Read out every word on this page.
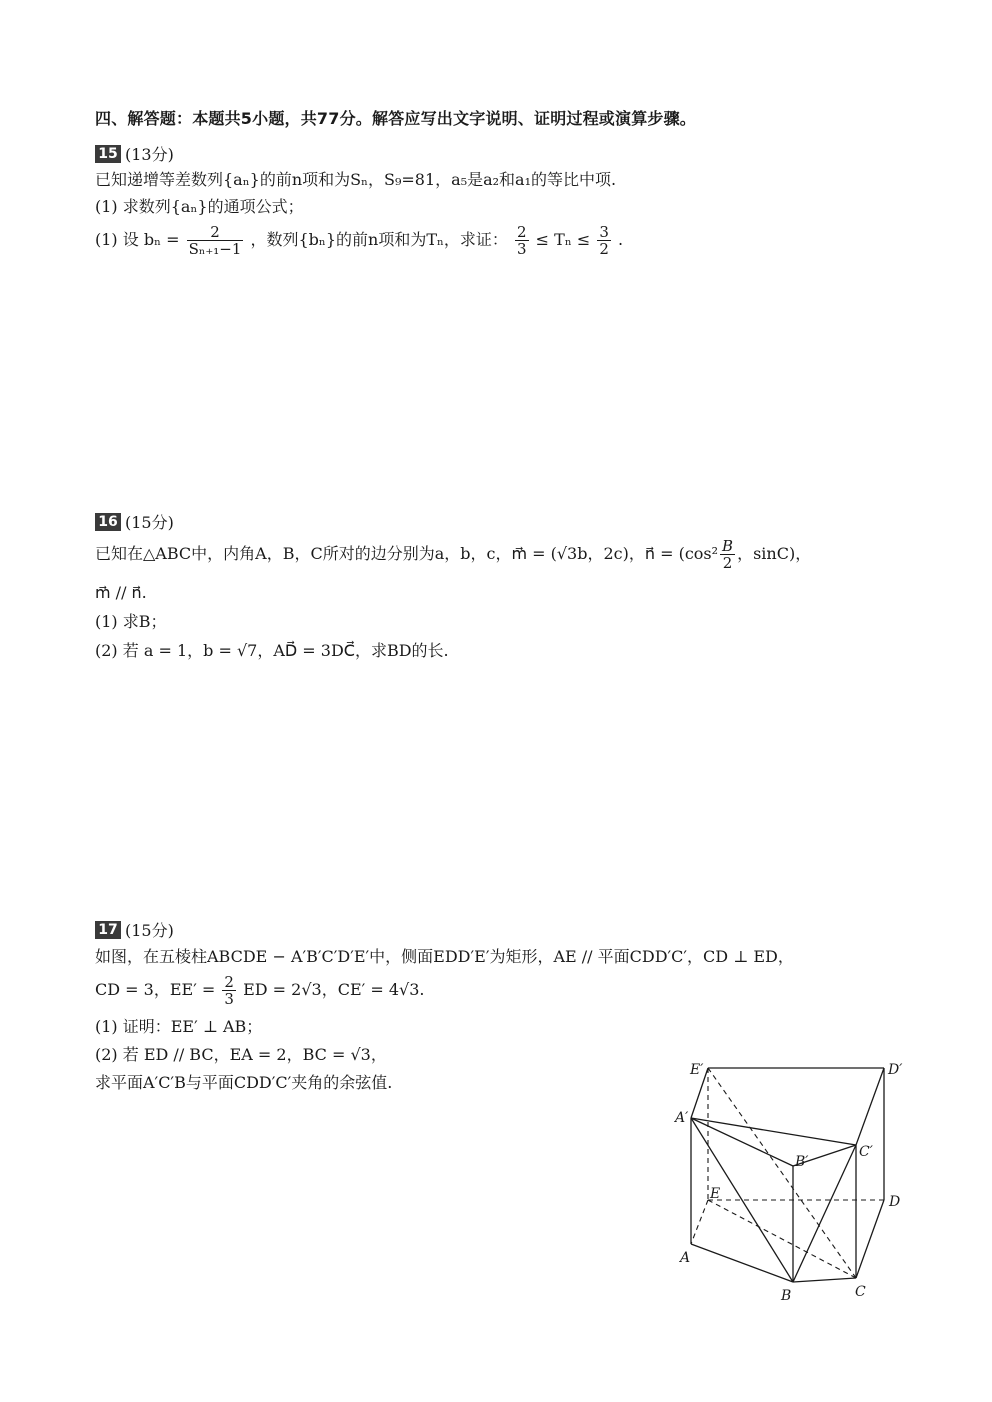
四、解答题：本题共5小题，共77分。解答应写出文字说明、证明过程或演算步骤。
15 (13分)
已知递增等差数列{aₙ}的前n项和为Sₙ，S₉=81，a₅是a₂和a₁的等比中项.
(1) 求数列{aₙ}的通项公式；
(1) 设 $b_n = \frac{2}{\text{Sₙ₊₁−1}}$ ，数列{bₙ}的前n项和为Tₙ，求证： $\frac{2}{3} \le T_n \le \frac{3}{2}$ .
16 (15分)
已知在△ABC中，内角A，B，C所对的边分别为a，b，c，m⃗ = (√3b，2c)，n⃗ = ($\cos^2 \frac{B}{2}$ ，sinC)，
m⃗ // n⃗.
(1) 求B；
(2) 若 a = 1，b = √7，AD⃗ = 3DC⃗，求BD的长.
17 (15分)
如图，在五棱柱ABCDE − A′B′C′D′E′中，侧面EDD′E′为矩形，AE // 平面CDD′C′，CD ⊥ ED，
CD = 3，$EE' = \frac{2}{3}$ ED = 2√3，CE′ = 4√3.
(1) 证明：EE′ ⊥ AB；
(2) 若 ED // BC，EA = 2，BC = √3，
求平面A′C′B与平面CDD′C′夹角的余弦值.
E′	D′
A′
B′
C′
E	D
A
B	C
